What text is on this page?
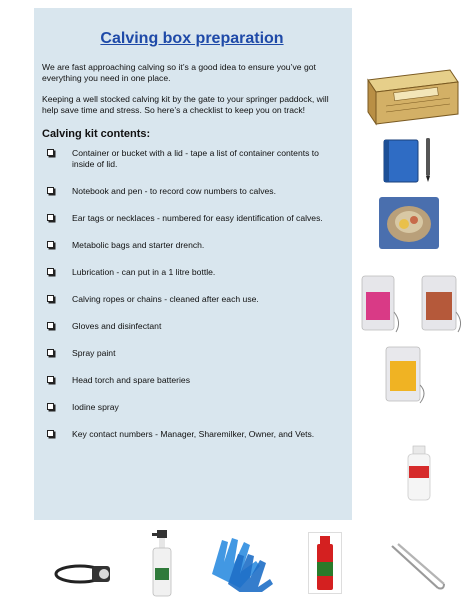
Calving box preparation

We are fast approaching calving so it’s a good idea to ensure you’ve got everything you need in one place.

Keeping a well stocked calving kit by the gate to your springer paddock, will help save time and stress. So here’s a checklist to keep you on track!

Calving kit contents:
Container or bucket with a lid - tape a list of container contents to inside of lid.
Notebook and pen - to record cow numbers to calves.
Ear tags or necklaces - numbered for easy identification of calves.
Metabolic bags and starter drench.
Lubrication - can put in a 1 litre bottle.
Calving ropes or chains - cleaned after each use.
Gloves and disinfectant
Spray paint
Head torch and spare batteries
Iodine spray
Key contact numbers - Manager, Sharemilker, Owner, and Vets.
